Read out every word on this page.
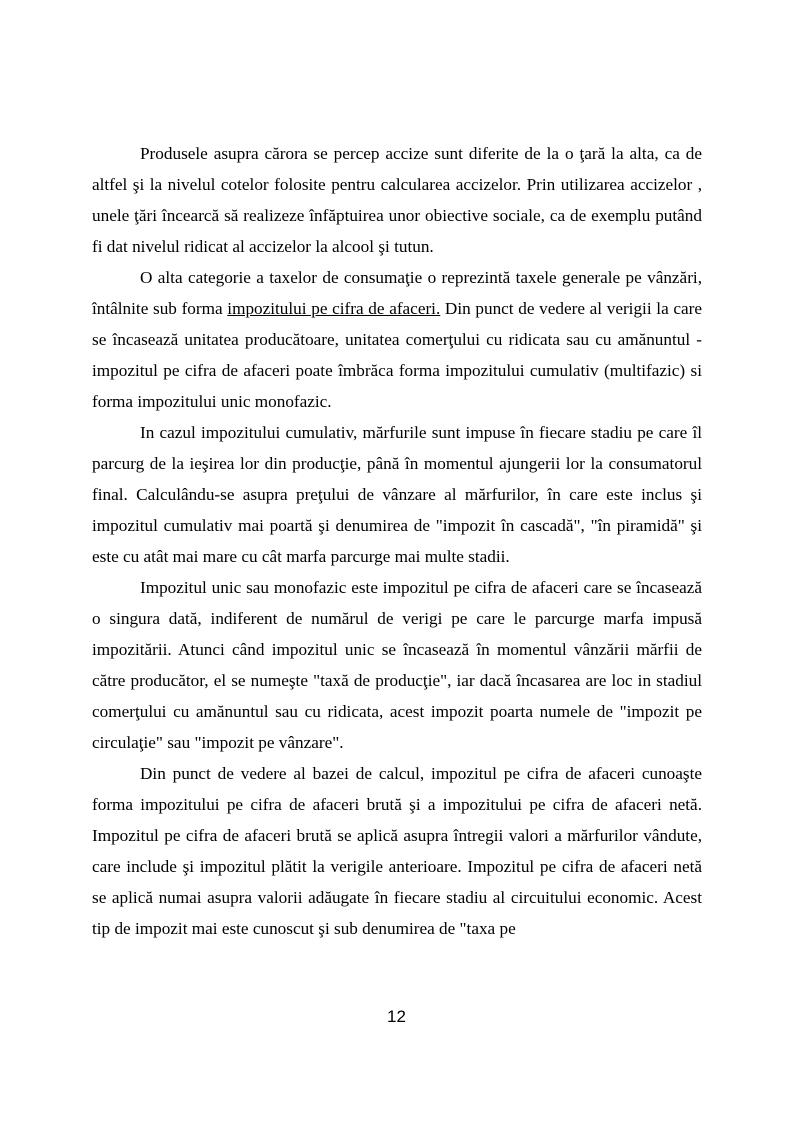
Produsele asupra cărora se percep accize sunt diferite de la o ţară la alta, ca de altfel şi la nivelul cotelor folosite pentru calcularea accizelor. Prin utilizarea accizelor , unele ţări încearcă să realizeze înfăptuirea unor obiective sociale, ca de exemplu putând fi dat nivelul ridicat al accizelor la alcool şi tutun.

O alta categorie a taxelor de consumaţie o reprezintă taxele generale pe vânzări, întâlnite sub forma impozitului pe cifra de afaceri. Din punct de vedere al verigii la care se încasează unitatea producătoare, unitatea comerţului cu ridicata sau cu amănuntul - impozitul pe cifra de afaceri poate îmbrăca forma impozitului cumulativ (multifazic) si forma impozitului unic monofazic.

In cazul impozitului cumulativ, mărfurile sunt impuse în fiecare stadiu pe care îl parcurg de la ieşirea lor din producţie, până în momentul ajungerii lor la consumatorul final. Calculându-se asupra preţului de vânzare al mărfurilor, în care este inclus şi impozitul cumulativ mai poartă şi denumirea de "impozit în cascadă", "în piramidă" şi este cu atât mai mare cu cât marfa parcurge mai multe stadii.

Impozitul unic sau monofazic este impozitul pe cifra de afaceri care se încasează o singura dată, indiferent de numărul de verigi pe care le parcurge marfa impusă impozitării. Atunci când impozitul unic se încasează în momentul vânzării mărfii de către producător, el se numeşte "taxă de producţie", iar dacă încasarea are loc in stadiul comerţului cu amănuntul sau cu ridicata, acest impozit poarta numele de "impozit pe circulaţie" sau "impozit pe vânzare".

Din punct de vedere al bazei de calcul, impozitul pe cifra de afaceri cunoaşte forma impozitului pe cifra de afaceri brută şi a impozitului pe cifra de afaceri netă. Impozitul pe cifra de afaceri brută se aplică asupra întregii valori a mărfurilor vândute, care include şi impozitul plătit la verigile anterioare. Impozitul pe cifra de afaceri netă se aplică numai asupra valorii adăugate în fiecare stadiu al circuitului economic. Acest tip de impozit mai este cunoscut şi sub denumirea de "taxa pe

12
